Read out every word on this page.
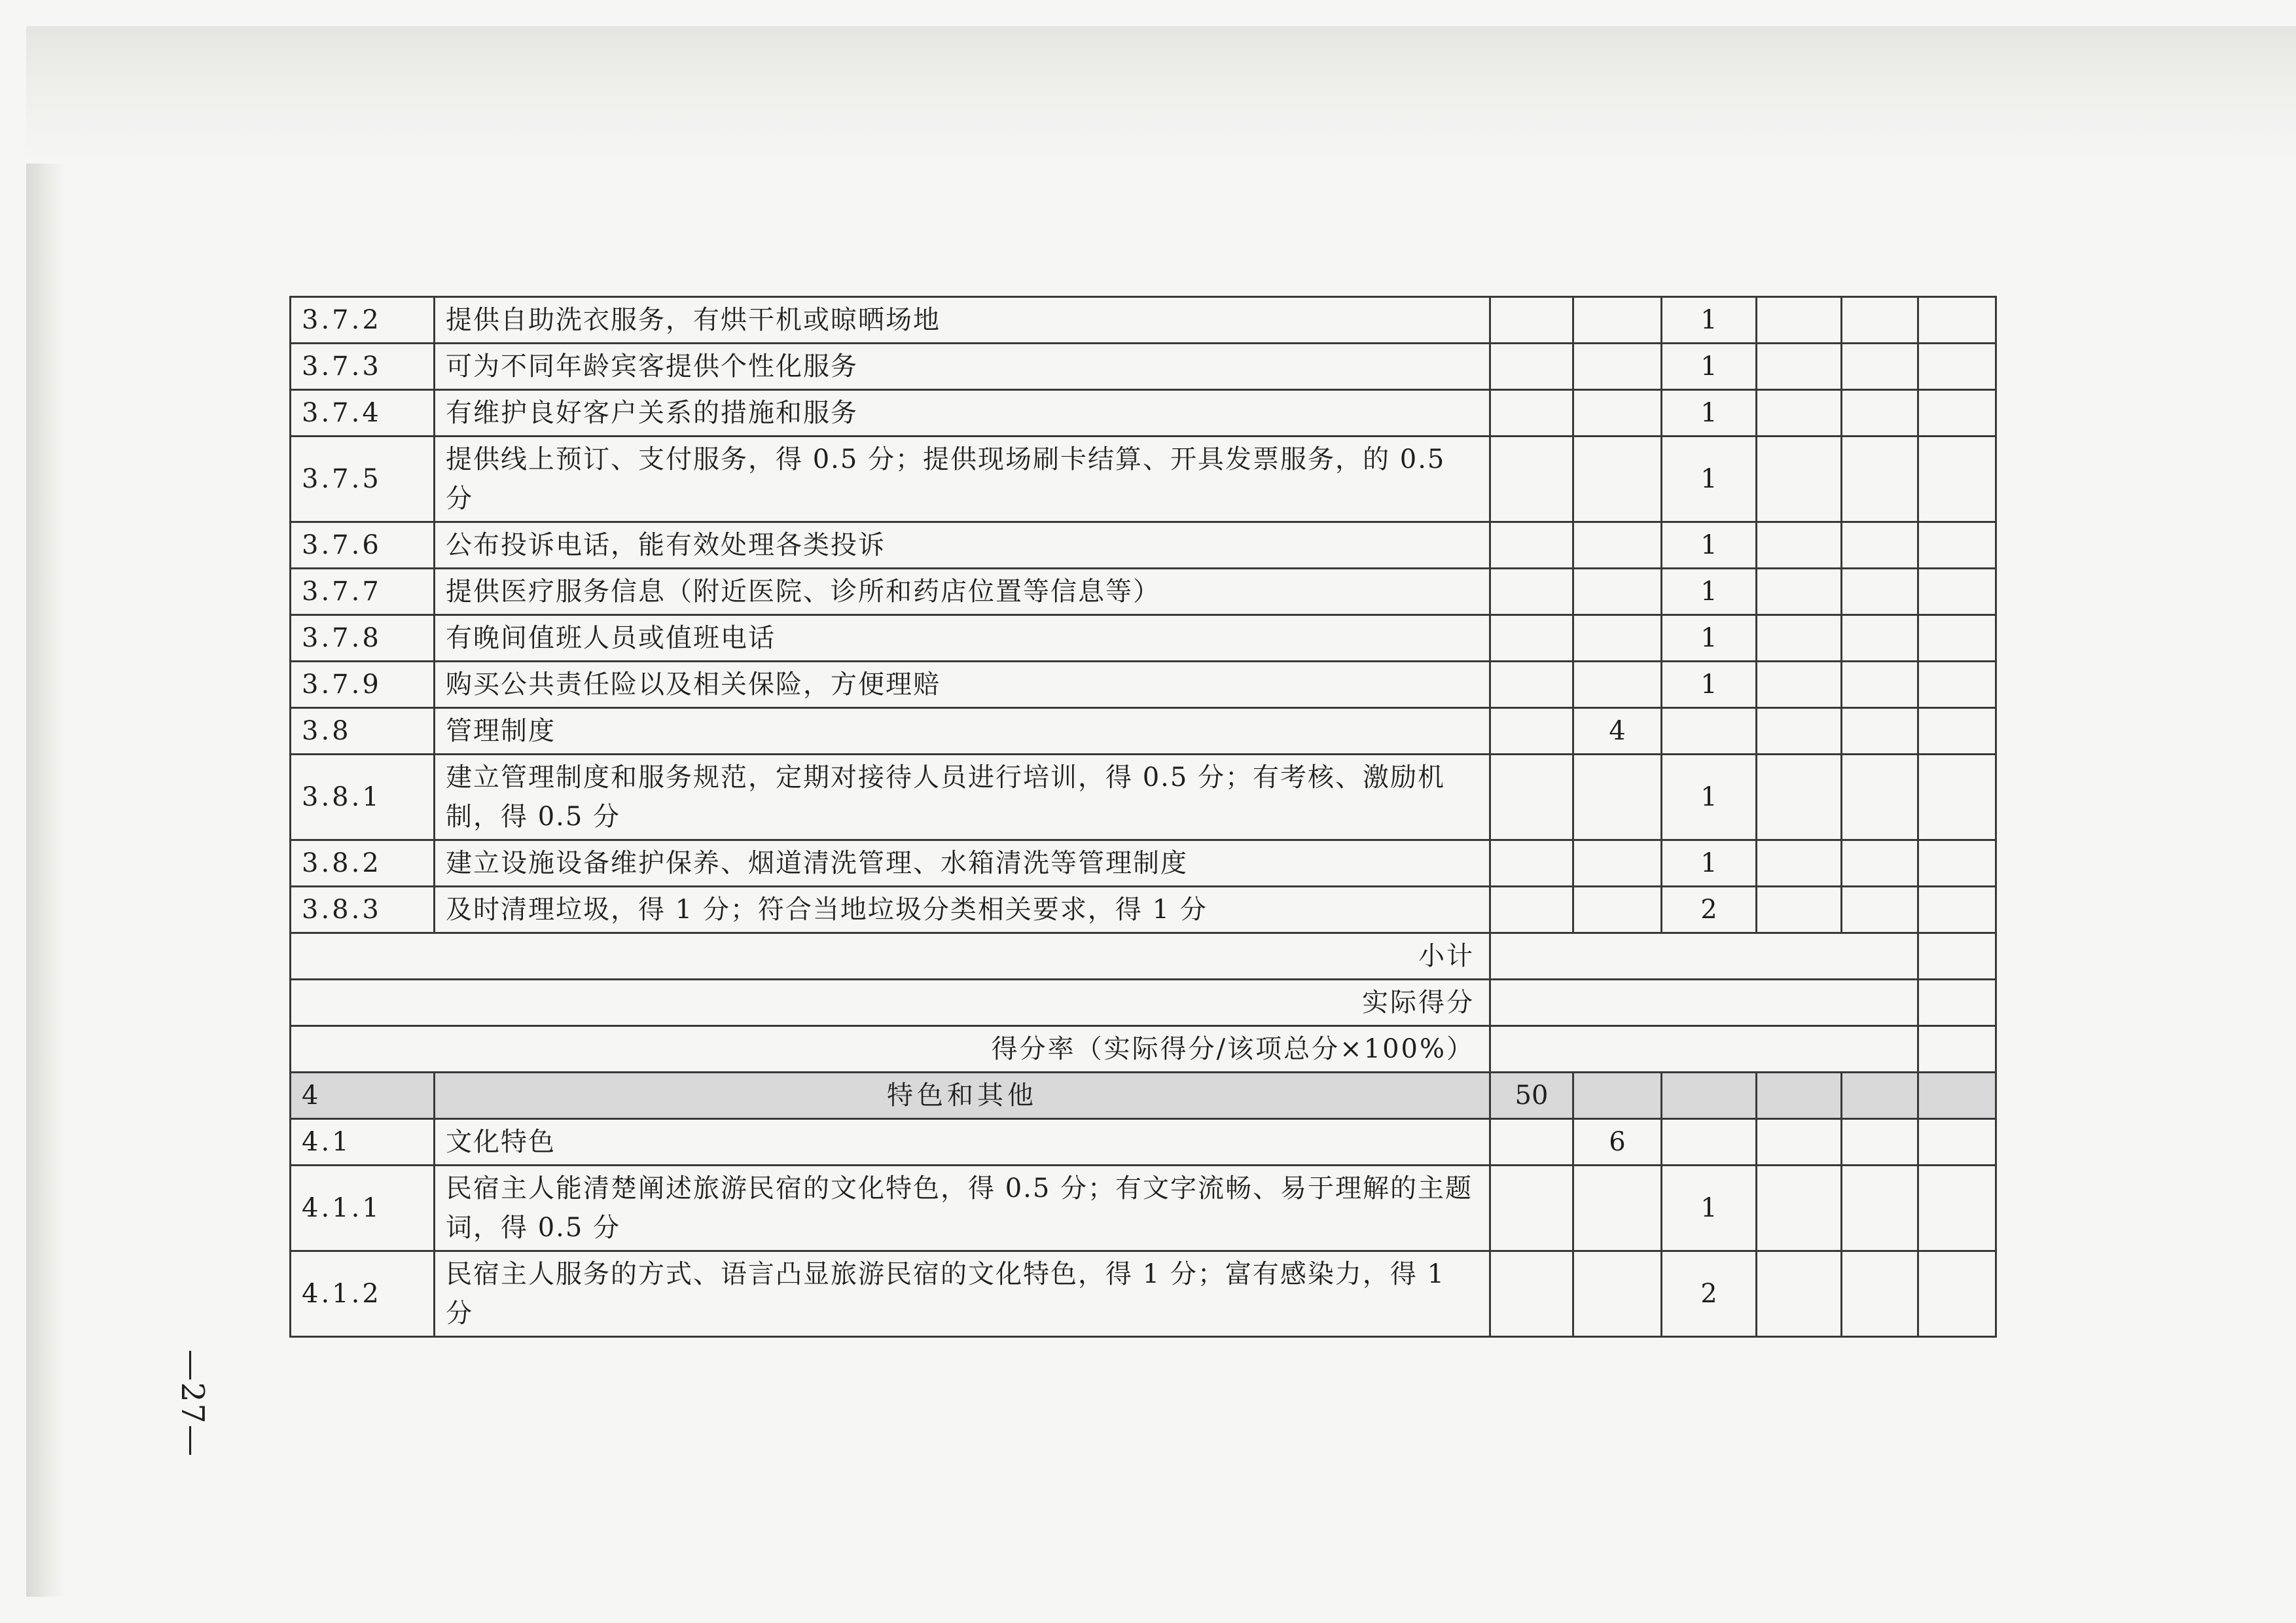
3.7.2	提供自助洗衣服务，有烘干机或晾晒场地			1			
3.7.3	可为不同年龄宾客提供个性化服务			1			
3.7.4	有维护良好客户关系的措施和服务			1			
3.7.5	提供线上预订、支付服务，得 0.5 分；提供现场刷卡结算、开具发票服务，的 0.5 分			1			
3.7.6	公布投诉电话，能有效处理各类投诉			1			
3.7.7	提供医疗服务信息（附近医院、诊所和药店位置等信息等）			1			
3.7.8	有晚间值班人员或值班电话			1			
3.7.9	购买公共责任险以及相关保险，方便理赔			1			
3.8	管理制度		4				
3.8.1	建立管理制度和服务规范，定期对接待人员进行培训，得 0.5 分；有考核、激励机制，得 0.5 分			1			
3.8.2	建立设施设备维护保养、烟道清洗管理、水箱清洗等管理制度			1			
3.8.3	及时清理垃圾，得 1 分；符合当地垃圾分类相关要求，得 1 分			2			
小计							
实际得分							
得分率（实际得分/该项总分×100%）							
4	特色和其他	50					
4.1	文化特色		6				
4.1.1	民宿主人能清楚阐述旅游民宿的文化特色，得 0.5 分；有文字流畅、易于理解的主题词，得 0.5 分			1			
4.1.2	民宿主人服务的方式、语言凸显旅游民宿的文化特色，得 1 分；富有感染力，得 1 分			2			
—27—
